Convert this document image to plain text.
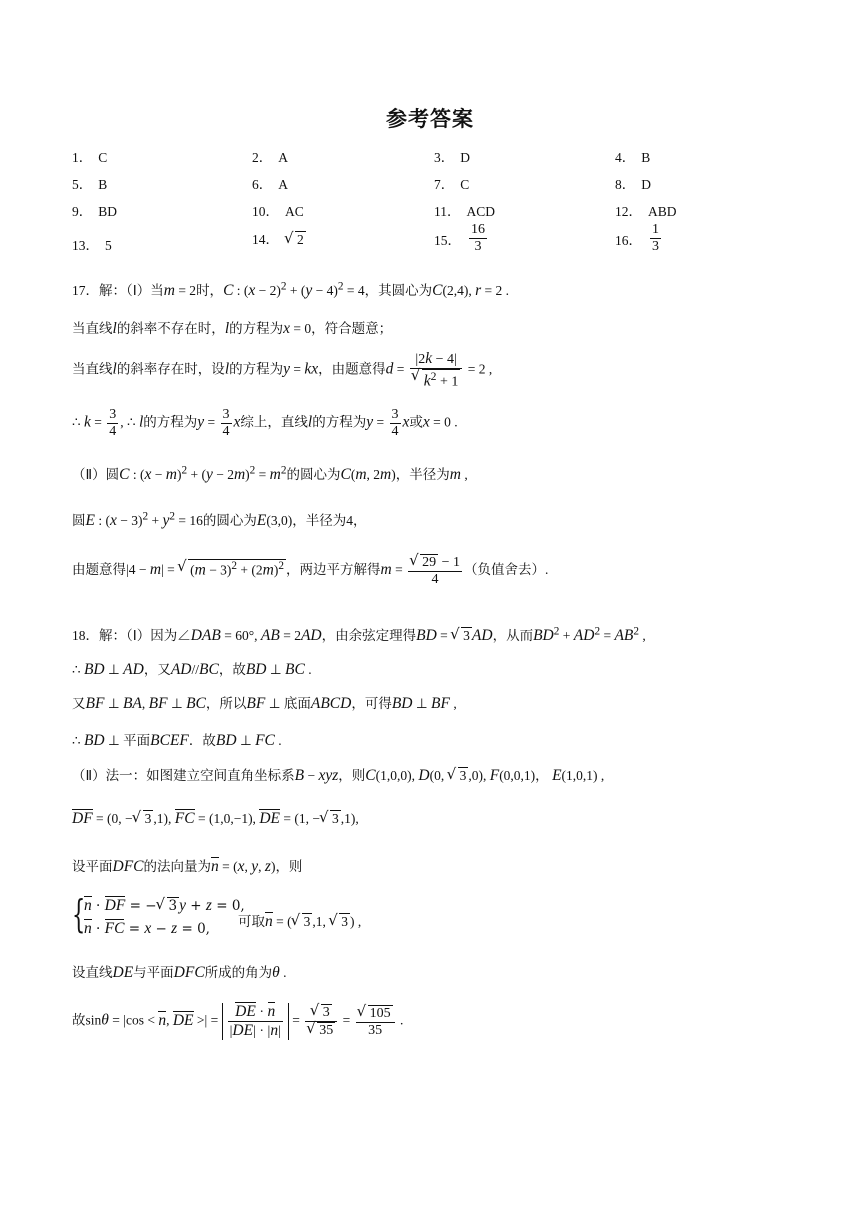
参考答案
1． C	2． A	3． D	4． B
5． B	6． A	7． C	8． D
9． BD	10． AC	11． ACD	12． ABD
13． 5	14． √ 2	15． $\frac{16}{3}$	16． $\frac{1}{3}$
17．解：（Ⅰ）当m = 2时，C : $(x - 2)^2 + (y - 4)^2 = 4$，其圆心为C(2,4), r = 2 .
当直线l的斜率不存在时，l的方程为x = 0，符合题意；
当直线l的斜率存在时，设l的方程为y = kx，由题意得d = |2k − 4|
√ $k^2 + 1 = 2$ ,
∴ $k = \frac{3}{4}$ , ∴ l的方程为$y = \frac{3}{4}$ x综上，直线l的方程为$y = \frac{3}{4}$ x或x = 0 .
（Ⅱ）圆C : $(x - m)^2 + (y - 2m)^2 = m^2$的圆心为C(m, 2m)，半径为m ,
圆E : $(x - 3)^2 + y^2 = 16$的圆心为E(3,0)，半径为4，
由题意得|4 − m| = √ $(m - 3)^2 + (2m)^2$ ，两边平方解得m = √ $\frac{29 - 1}{4}$ （负值舍去）.
18．解：（Ⅰ）因为∠DAB = 60°, AB = 2AD，由余弦定理得BD = √ 3 AD，从而$BD^2 + AD^2 = AB^2$ ,
∴ BD ⊥ AD，又AD//BC，故BD ⊥ BC .
又BF ⊥ BA, BF ⊥ BC，所以BF ⊥ 底面ABCD，可得BD ⊥ BF ,
∴ BD ⊥ 平面BCEF．故BD ⊥ FC .
（Ⅱ）法一：如图建立空间直角坐标系B − xyz，则C(1,0,0), D(0, √ 3 ,0), F(0,0,1)， E(1,0,1) ,
DF = (0, − √ 3 ,1), FC = (1,0,−1), DE = (1, − √ 3 ,1),
设平面DFC的法向量为n = (x, y, z)，则
{
n · DF = − √ 3 y + z = 0,
n · FC = x − z = 0, 可取n = ( √ 3 ,1, √ 3 ) ,
设直线DE与平面DFC所成的角为θ .
故sinθ = |cos < n, DE >| = $\frac{DE \cdot n}{|DE| \cdot |n|}$ = √ 3
√ 35 = √ $\frac{105}{35}$ .
